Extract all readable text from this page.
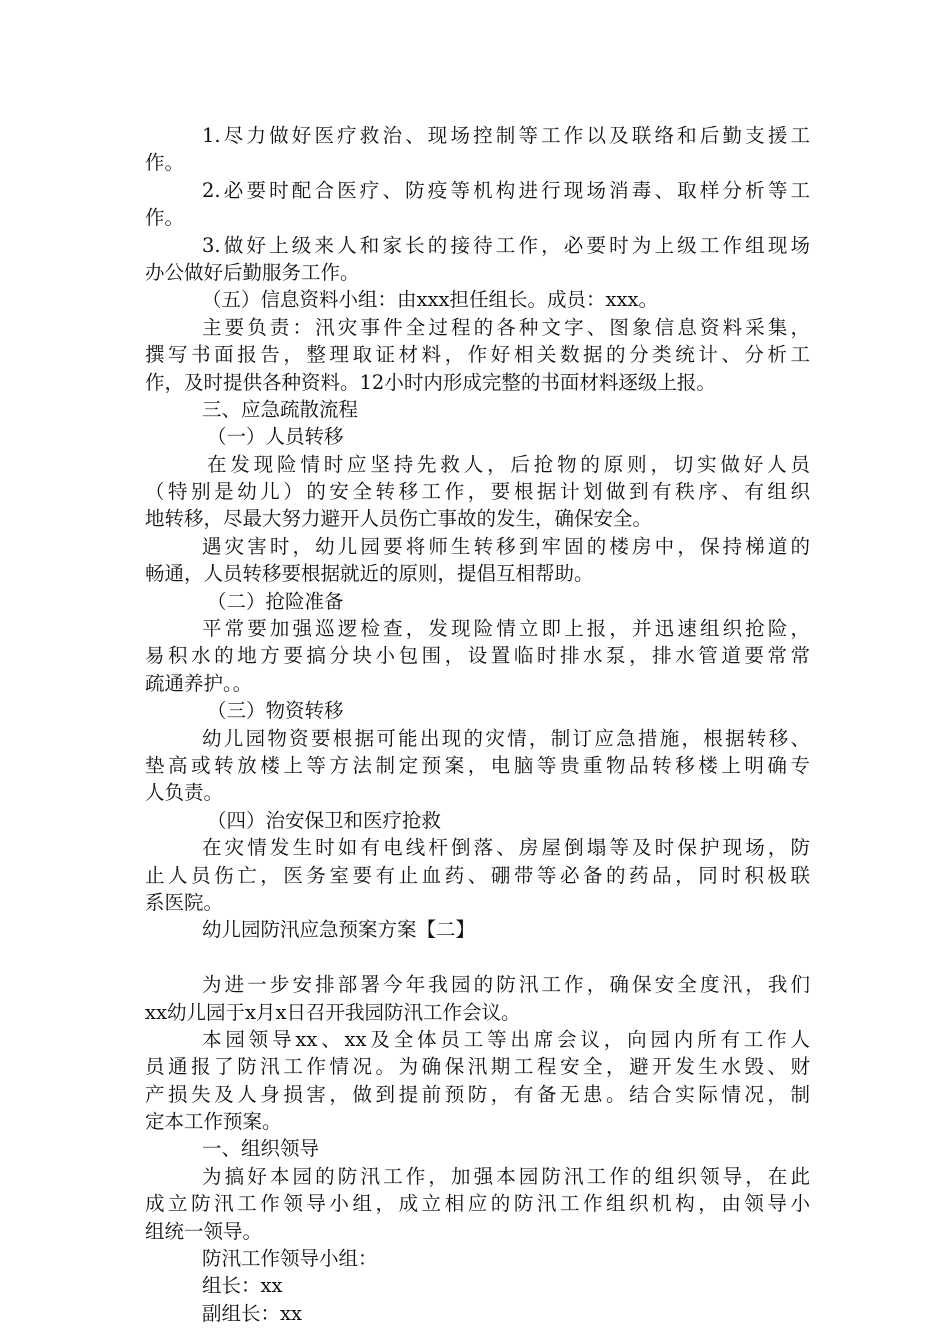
1.尽力做好医疗救治、现场控制等工作以及联络和后勤支援工
作。
2.必要时配合医疗、防疫等机构进行现场消毒、取样分析等工
作。
3.做好上级来人和家长的接待工作，必要时为上级工作组现场
办公做好后勤服务工作。
（五）信息资料小组：由xxx担任组长。成员：xxx。
主要负责：汛灾事件全过程的各种文字、图象信息资料采集，
撰写书面报告，整理取证材料，作好相关数据的分类统计、分析工
作，及时提供各种资料。12小时内形成完整的书面材料逐级上报。
三、应急疏散流程
（一）人员转移
在发现险情时应坚持先救人，后抢物的原则，切实做好人员
（特别是幼儿）的安全转移工作，要根据计划做到有秩序、有组织
地转移，尽最大努力避开人员伤亡事故的发生，确保安全。
遇灾害时，幼儿园要将师生转移到牢固的楼房中，保持梯道的
畅通，人员转移要根据就近的原则，提倡互相帮助。
（二）抢险准备
平常要加强巡逻检查，发现险情立即上报，并迅速组织抢险，
易积水的地方要搞分块小包围，设置临时排水泵，排水管道要常常
疏通养护。。
（三）物资转移
幼儿园物资要根据可能出现的灾情，制订应急措施，根据转移、
垫高或转放楼上等方法制定预案，电脑等贵重物品转移楼上明确专
人负责。
（四）治安保卫和医疗抢救
在灾情发生时如有电线杆倒落、房屋倒塌等及时保护现场，防
止人员伤亡，医务室要有止血药、硼带等必备的药品，同时积极联
系医院。
幼儿园防汛应急预案方案【二】
为进一步安排部署今年我园的防汛工作，确保安全度汛，我们
xx幼儿园于x月x日召开我园防汛工作会议。
本园领导xx、xx及全体员工等出席会议，向园内所有工作人
员通报了防汛工作情况。为确保汛期工程安全，避开发生水毁、财
产损失及人身损害，做到提前预防，有备无患。结合实际情况，制
定本工作预案。
一、组织领导
为搞好本园的防汛工作，加强本园防汛工作的组织领导，在此
成立防汛工作领导小组，成立相应的防汛工作组织机构，由领导小
组统一领导。
防汛工作领导小组：
组长：xx
副组长：xx
